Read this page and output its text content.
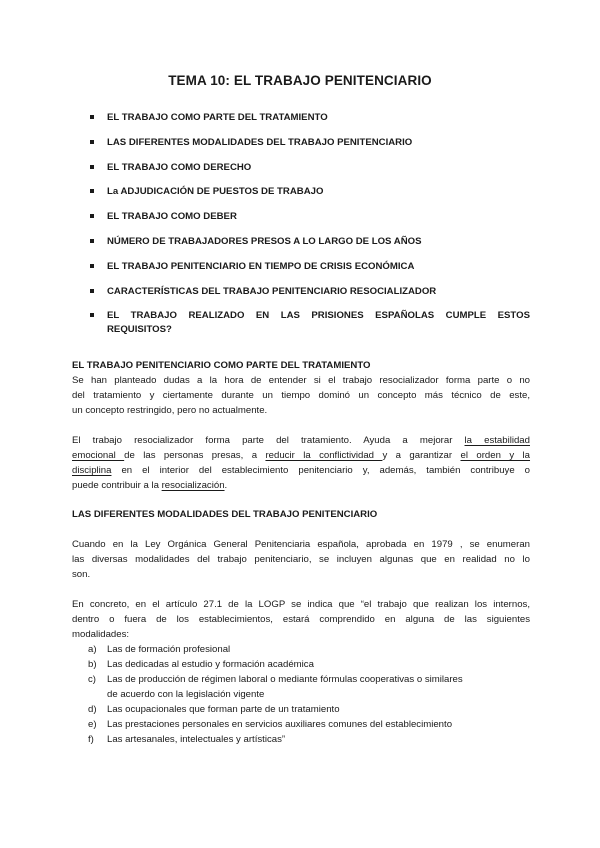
TEMA 10: EL TRABAJO PENITENCIARIO
EL TRABAJO COMO PARTE DEL TRATAMIENTO
LAS DIFERENTES MODALIDADES DEL TRABAJO PENITENCIARIO
EL TRABAJO COMO DERECHO
La ADJUDICACIÓN DE PUESTOS DE TRABAJO
EL TRABAJO COMO DEBER
NÚMERO DE TRABAJADORES PRESOS A LO LARGO DE LOS AÑOS
EL TRABAJO PENITENCIARIO EN TIEMPO DE CRISIS ECONÓMICA
CARACTERÍSTICAS DEL TRABAJO PENITENCIARIO RESOCIALIZADOR
EL TRABAJO REALIZADO EN LAS PRISIONES ESPAÑOLAS CUMPLE ESTOS
REQUISITOS?
EL TRABAJO PENITENCIARIO COMO PARTE DEL TRATAMIENTO
Se han planteado dudas a la hora de entender si el trabajo resocializador forma parte o no
del tratamiento y ciertamente durante un tiempo dominó un concepto más técnico de este,
un concepto restringido, pero no actualmente.
El trabajo resocializador forma parte del tratamiento. Ayuda a mejorar la estabilidad
emocional de las personas presas, a reducir la conflictividad y a garantizar el orden y la
disciplina en el interior del establecimiento penitenciario y, además, también contribuye o
puede contribuir a la resocialización.
LAS DIFERENTES MODALIDADES DEL TRABAJO PENITENCIARIO
Cuando en la Ley Orgánica General Penitenciaria española, aprobada en 1979 , se enumeran
las diversas modalidades del trabajo penitenciario, se incluyen algunas que en realidad no lo
son.
En concreto, en el artículo 27.1 de la LOGP se indica que “el trabajo que realizan los internos,
dentro o fuera de los establecimientos, estará comprendido en alguna de las siguientes
modalidades:
a) Las de formación profesional
b) Las dedicadas al estudio y formación académica
c) Las de producción de régimen laboral o mediante fórmulas cooperativas o similares
de acuerdo con la legislación vigente
d) Las ocupacionales que forman parte de un tratamiento
e) Las prestaciones personales en servicios auxiliares comunes del establecimiento
f) Las artesanales, intelectuales y artísticas”
